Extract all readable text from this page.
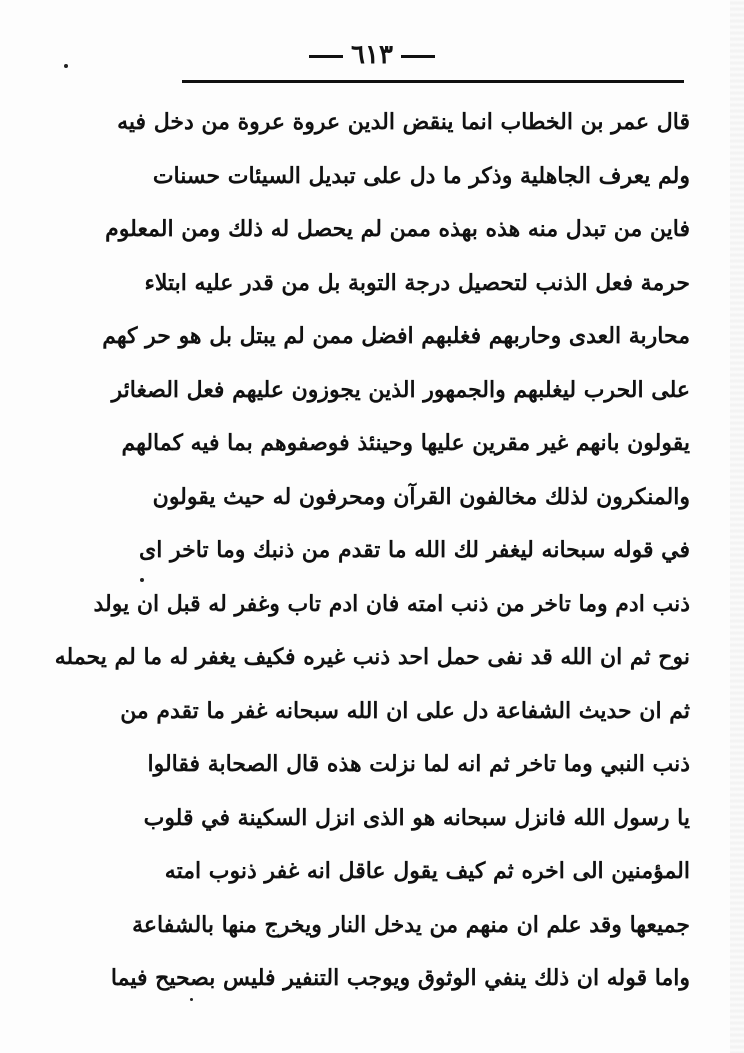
٦١٣
قال عمر بن الخطاب انما ينقض الدين عروة عروة من دخل فيه
ولم يعرف الجاهلية وذكر ما دل على تبديل السيئات حسنات
فاين من تبدل منه هذه بهذه ممن لم يحصل له ذلك ومن المعلوم
حرمة فعل الذنب لتحصيل درجة التوبة بل من قدر عليه ابتلاء
محاربة العدى وحاربهم فغلبهم افضل ممن لم يبتل بل هو حر كهم
على الحرب ليغلبهم والجمهور الذين يجوزون عليهم فعل الصغائر
يقولون بانهم غير مقرين عليها وحينئذ فوصفوهم بما فيه كمالهم
والمنكرون لذلك مخالفون القرآن ومحرفون له حيث يقولون
في قوله سبحانه ليغفر لك الله ما تقدم من ذنبك وما تاخر اى
ذنب ادم وما تاخر من ذنب امته فان ادم تاب وغفر له قبل ان يولد
نوح ثم ان الله قد نفى حمل احد ذنب غيره فكيف يغفر له ما لم يحمله
ثم ان حديث الشفاعة دل على ان الله سبحانه غفر ما تقدم من
ذنب النبي وما تاخر ثم انه لما نزلت هذه قال الصحابة فقالوا
يا رسول الله فانزل سبحانه هو الذى انزل السكينة في قلوب
المؤمنين الى اخره ثم كيف يقول عاقل انه غفر ذنوب امته
جميعها وقد علم ان منهم من يدخل النار ويخرج منها بالشفاعة
واما قوله ان ذلك ينفي الوثوق ويوجب التنفير فليس بصحيح فيما
